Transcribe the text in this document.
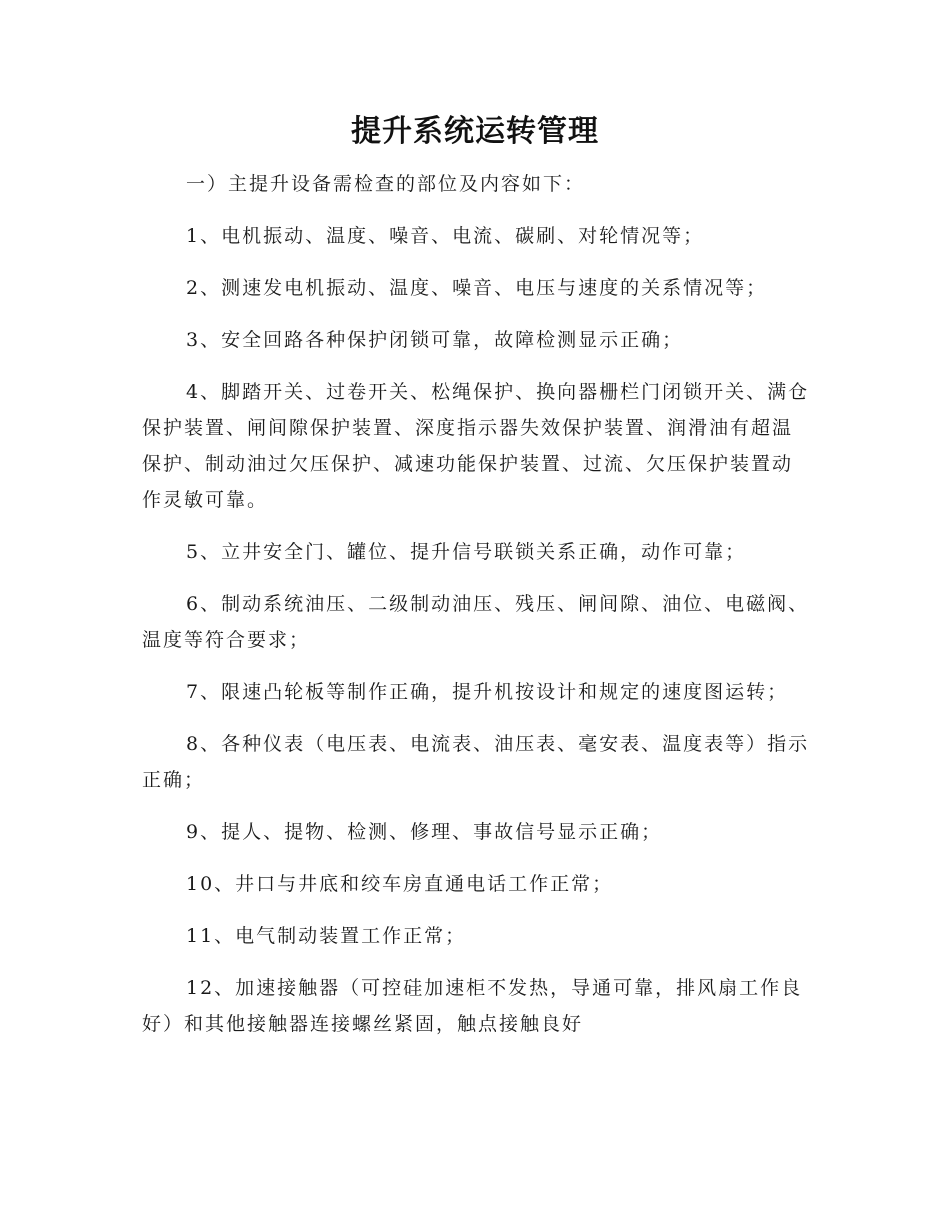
提升系统运转管理

一）主提升设备需检查的部位及内容如下：

1、电机振动、温度、噪音、电流、碳刷、对轮情况等；

2、测速发电机振动、温度、噪音、电压与速度的关系情况等；

3、安全回路各种保护闭锁可靠，故障检测显示正确；

4、脚踏开关、过卷开关、松绳保护、换向器栅栏门闭锁开关、满仓保护装置、闸间隙保护装置、深度指示器失效保护装置、润滑油有超温保护、制动油过欠压保护、减速功能保护装置、过流、欠压保护装置动作灵敏可靠。

5、立井安全门、罐位、提升信号联锁关系正确，动作可靠；

6、制动系统油压、二级制动油压、残压、闸间隙、油位、电磁阀、温度等符合要求；

7、限速凸轮板等制作正确，提升机按设计和规定的速度图运转；

8、各种仪表（电压表、电流表、油压表、毫安表、温度表等）指示正确；

9、提人、提物、检测、修理、事故信号显示正确；

10、井口与井底和绞车房直通电话工作正常；

11、电气制动装置工作正常；

12、加速接触器（可控硅加速柜不发热，导通可靠，排风扇工作良好）和其他接触器连接螺丝紧固，触点接触良好
